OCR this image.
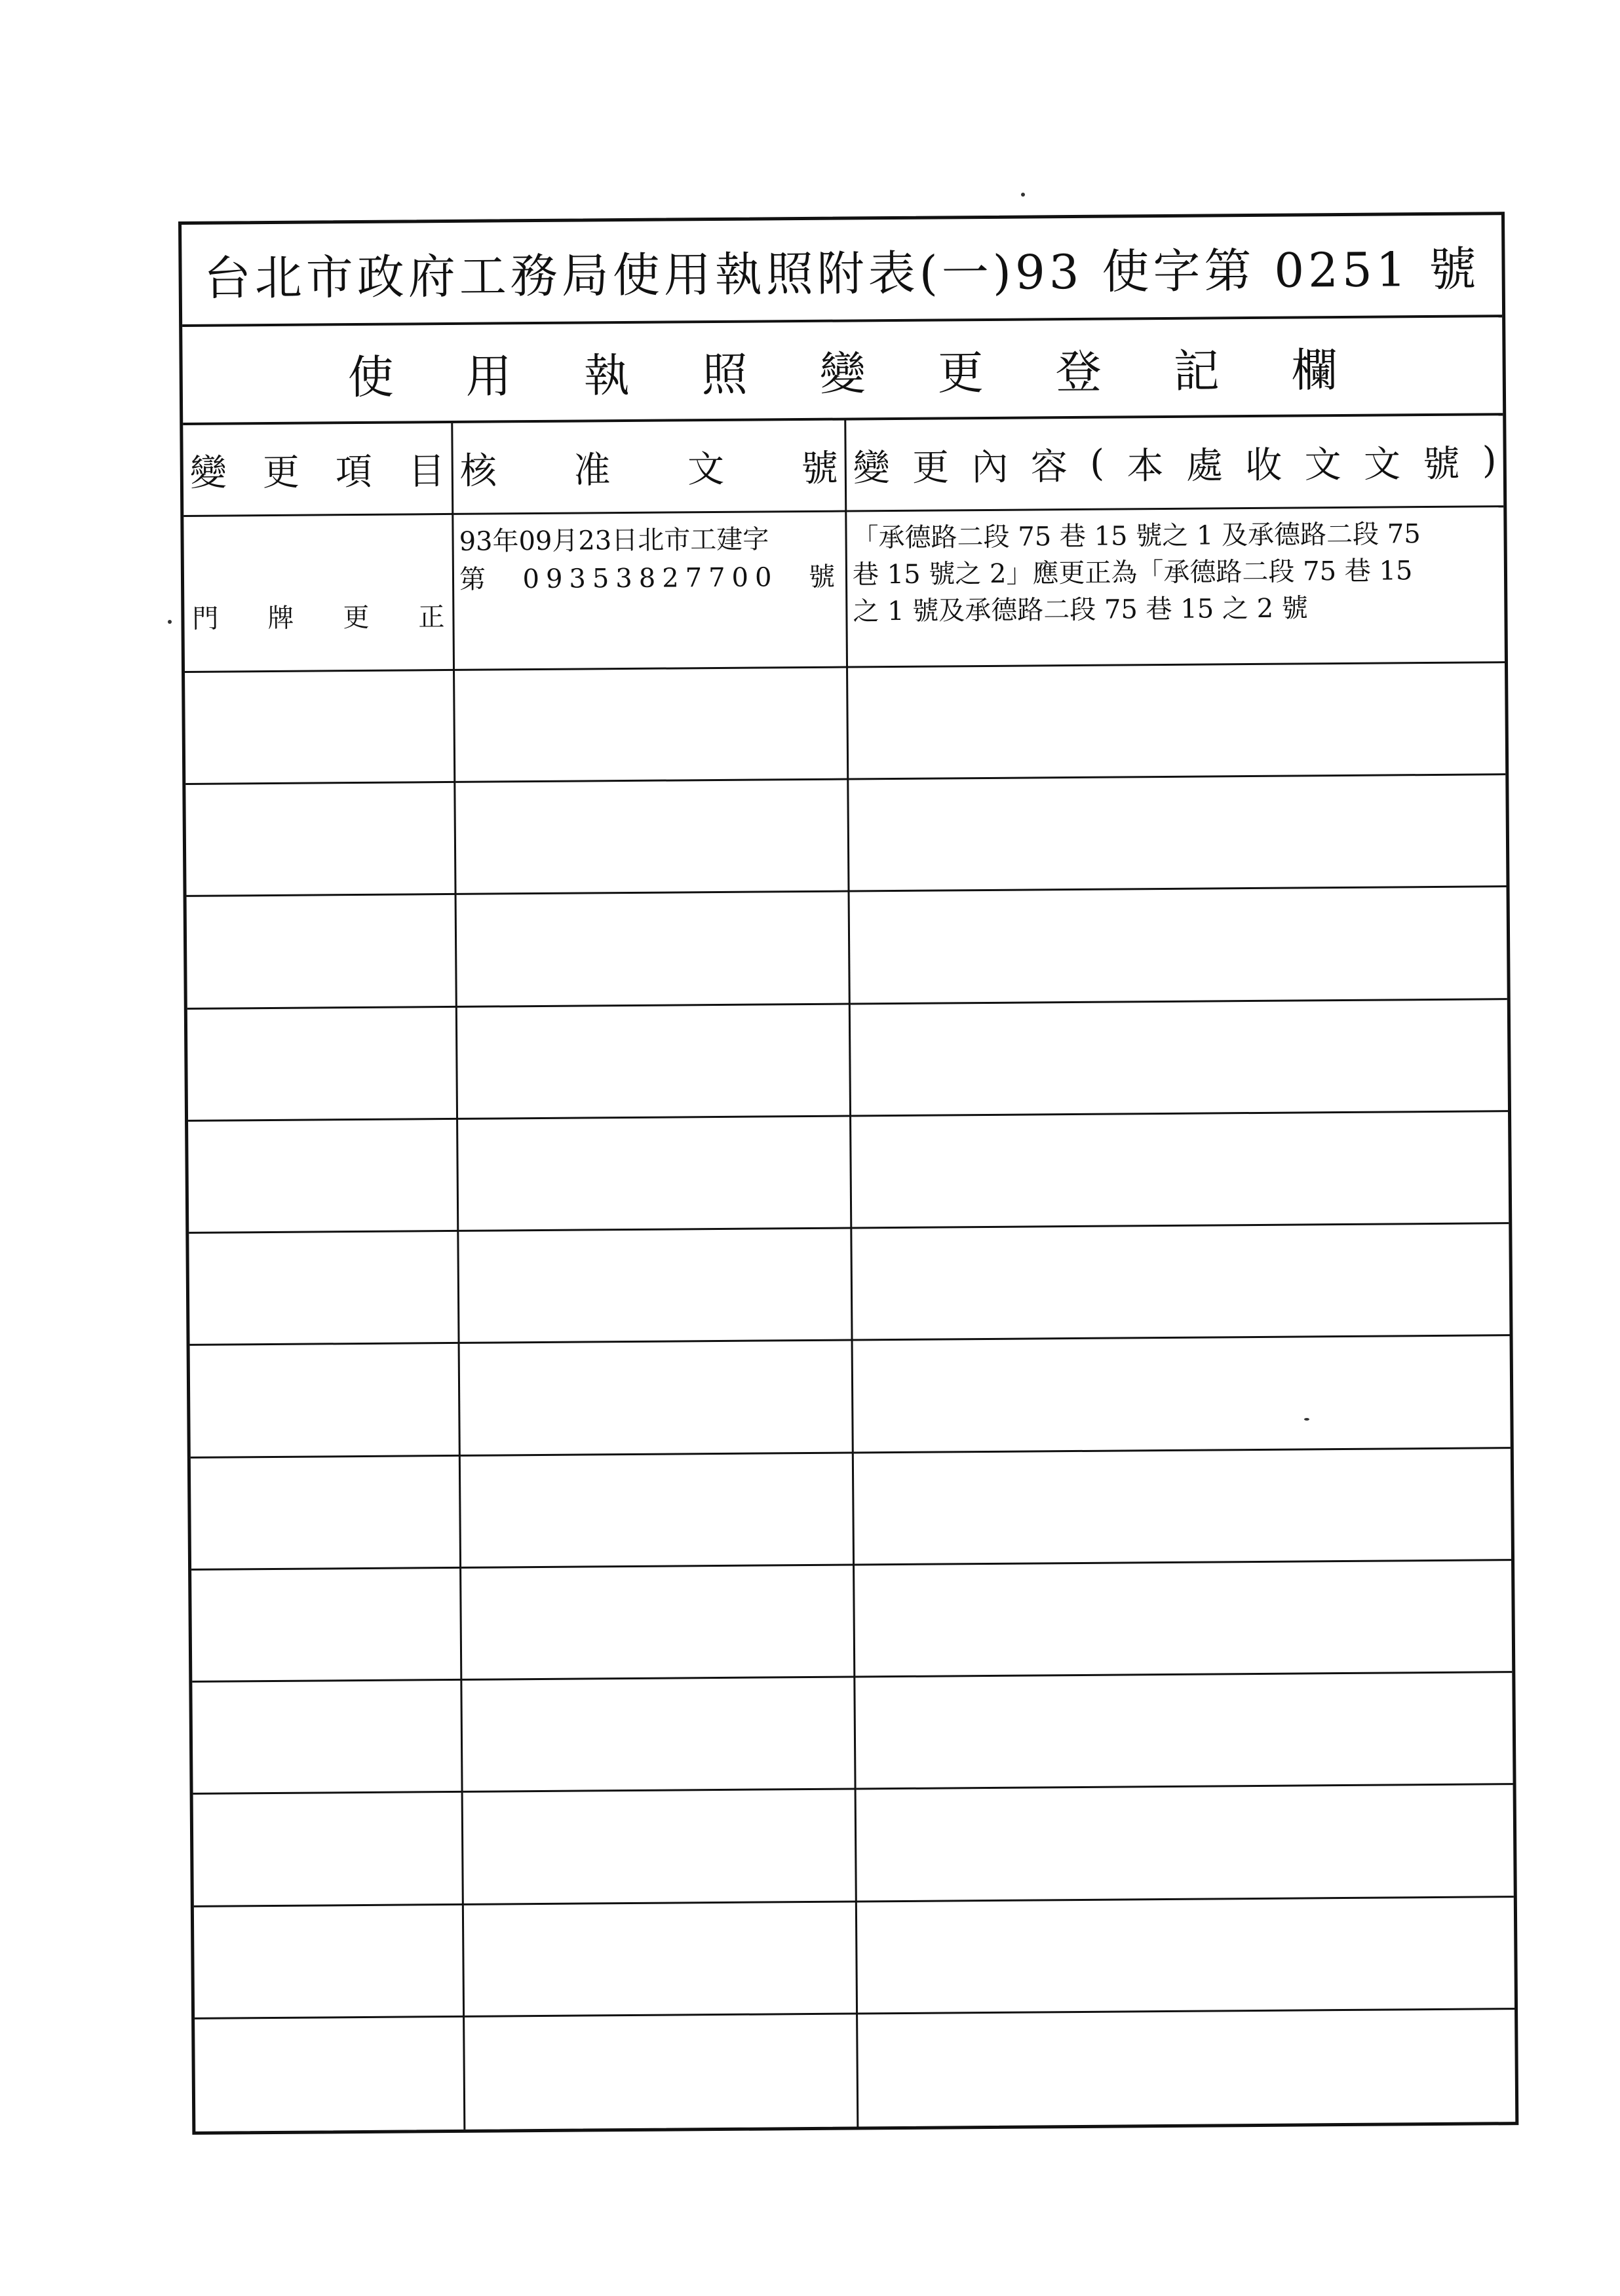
台北市政府工務局使用執照附表(一)93 使字第 0251 號
使用執照變更登記欄
變 更 項 目 核 准 文 號 變 更 內 容 ( 本 處 收 文 文 號 )
門 牌 更 正
93年09月23日北市工建字
第 09353827700 號
「承德路二段 75 巷 15 號之 1 及承德路二段 75
巷 15 號之 2」應更正為「承德路二段 75 巷 15
之 1 號及承德路二段 75 巷 15 之 2 號
